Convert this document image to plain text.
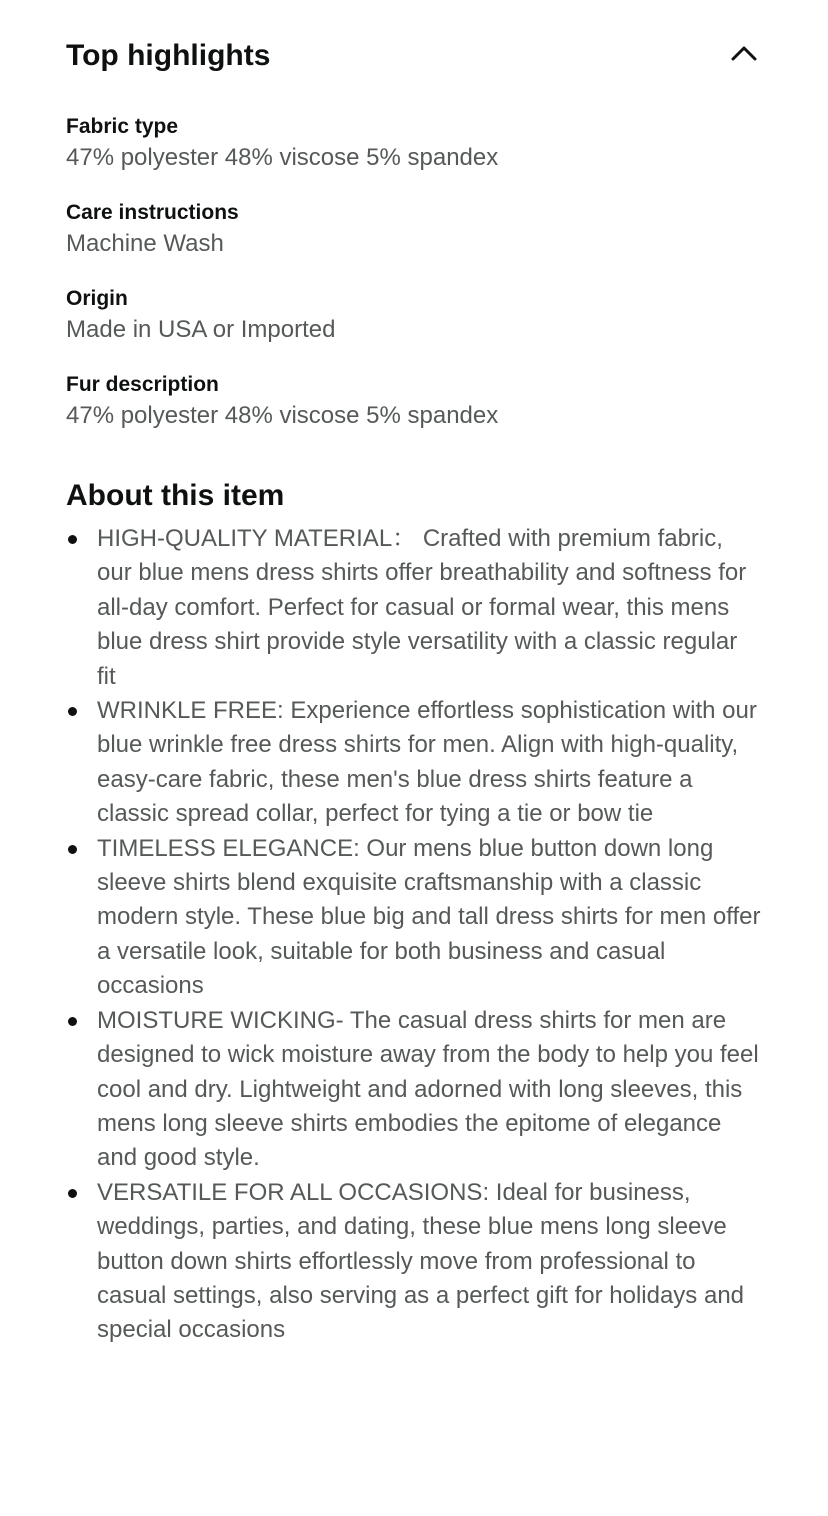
Top highlights
Fabric type
47% polyester 48% viscose 5% spandex
Care instructions
Machine Wash
Origin
Made in USA or Imported
Fur description
47% polyester 48% viscose 5% spandex
About this item
HIGH-QUALITY MATERIAL： Crafted with premium fabric, our blue mens dress shirts offer breathability and softness for all-day comfort. Perfect for casual or formal wear, this mens blue dress shirt provide style versatility with a classic regular fit
WRINKLE FREE: Experience effortless sophistication with our blue wrinkle free dress shirts for men. Align with high-quality, easy-care fabric, these men's blue dress shirts feature a classic spread collar, perfect for tying a tie or bow tie
TIMELESS ELEGANCE: Our mens blue button down long sleeve shirts blend exquisite craftsmanship with a classic modern style. These blue big and tall dress shirts for men offer a versatile look, suitable for both business and casual occasions
MOISTURE WICKING- The casual dress shirts for men are designed to wick moisture away from the body to help you feel cool and dry. Lightweight and adorned with long sleeves, this mens long sleeve shirts embodies the epitome of elegance and good style.
VERSATILE FOR ALL OCCASIONS: Ideal for business, weddings, parties, and dating, these blue mens long sleeve button down shirts effortlessly move from professional to casual settings, also serving as a perfect gift for holidays and special occasions
